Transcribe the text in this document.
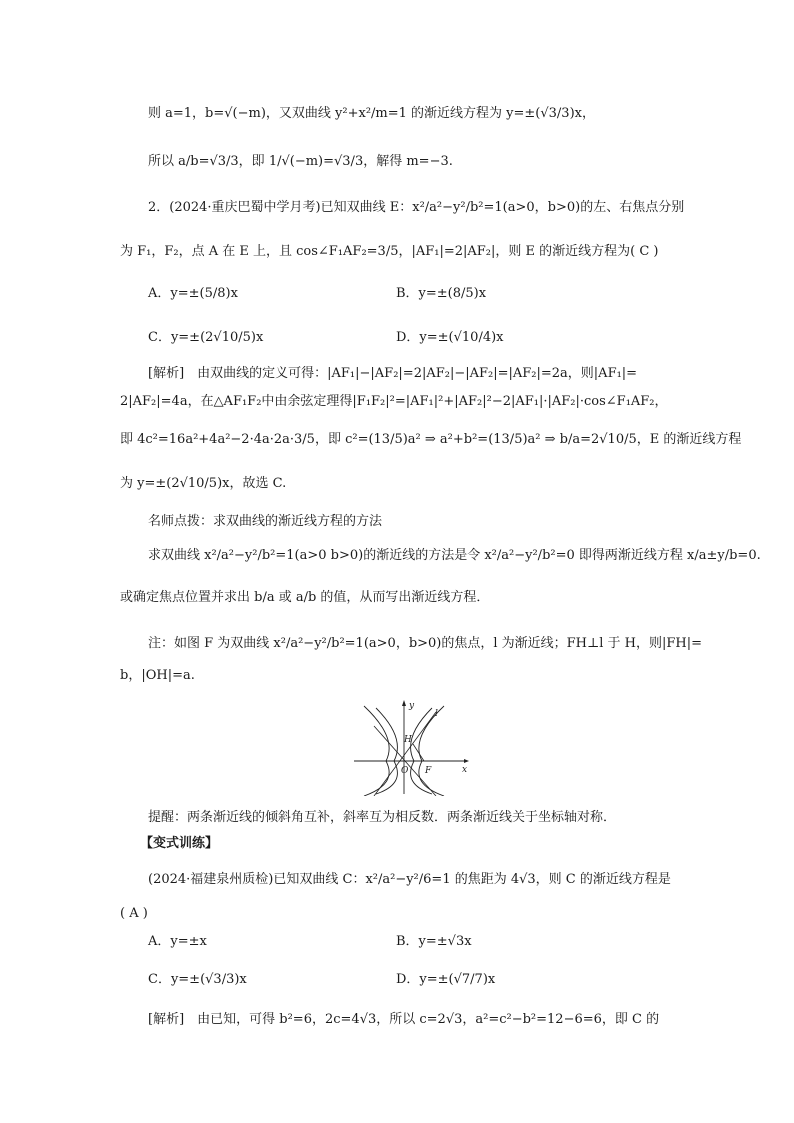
则 a=1，b=√(−m)，又双曲线 y²+x²/m=1 的渐近线方程为 y=±(√3/3)x，
所以 a/b=√3/3，即 1/√(−m)=√3/3，解得 m=−3.
2．(2024·重庆巴蜀中学月考)已知双曲线 E：x²/a²−y²/b²=1(a>0，b>0)的左、右焦点分别
为 F₁，F₂，点 A 在 E 上，且 cos∠F₁AF₂=3/5，|AF₁|=2|AF₂|，则 E 的渐近线方程为( C )
A．y=±(5/8)x	B．y=±(8/5)x
C．y=±(2√10/5)x	D．y=±(√10/4)x
[解析]　由双曲线的定义可得：|AF₁|−|AF₂|=2|AF₂|−|AF₂|=|AF₂|=2a，则|AF₁|=
2|AF₂|=4a，在△AF₁F₂中由余弦定理得|F₁F₂|²=|AF₁|²+|AF₂|²−2|AF₁|·|AF₂|·cos∠F₁AF₂，
即 4c²=16a²+4a²−2·4a·2a·3/5，即 c²=(13/5)a² ⇒ a²+b²=(13/5)a² ⇒ b/a=2√10/5，E 的渐近线方程
为 y=±(2√10/5)x，故选 C.
名师点拨：求双曲线的渐近线方程的方法
求双曲线 x²/a²−y²/b²=1(a>0 b>0)的渐近线的方法是令 x²/a²−y²/b²=0 即得两渐近线方程 x/a±y/b=0.
或确定焦点位置并求出 b/a 或 a/b 的值，从而写出渐近线方程．
注：如图 F 为双曲线 x²/a²−y²/b²=1(a>0，b>0)的焦点，l 为渐近线；FH⊥l 于 H，则|FH|=
b，|OH|=a.
y
l
H
O F	x
提醒：两条渐近线的倾斜角互补，斜率互为相反数．两条渐近线关于坐标轴对称．
【变式训练】
(2024·福建泉州质检)已知双曲线 C：x²/a²−y²/6=1 的焦距为 4√3，则 C 的渐近线方程是
( A )
A．y=±x	B．y=±√3x
C．y=±(√3/3)x	D．y=±(√7/7)x
[解析]　由已知，可得 b²=6，2c=4√3，所以 c=2√3，a²=c²−b²=12−6=6，即 C 的
